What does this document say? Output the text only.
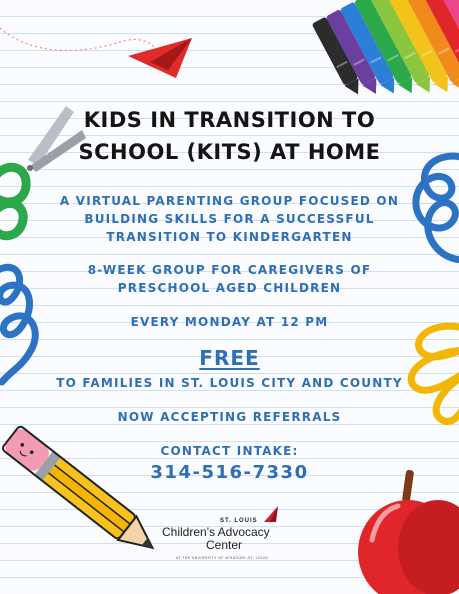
KIDS IN TRANSITION TO
SCHOOL (KITS) AT HOME

A VIRTUAL PARENTING GROUP FOCUSED ON

BUILDING SKILLS FOR A SUCCESSFUL

TRANSITION TO KINDERGARTEN

8-WEEK GROUP FOR CAREGIVERS OF

PRESCHOOL AGED CHILDREN

EVERY MONDAY AT 12 PM

FREE

TO FAMILIES IN ST. LOUIS CITY AND COUNTY

NOW ACCEPTING REFERRALS

CONTACT INTAKE:

314-516-7330

ST. LOUIS
Children's Advocacy
Center
AT THE UNIVERSITY OF MISSOURI–ST. LOUIS
